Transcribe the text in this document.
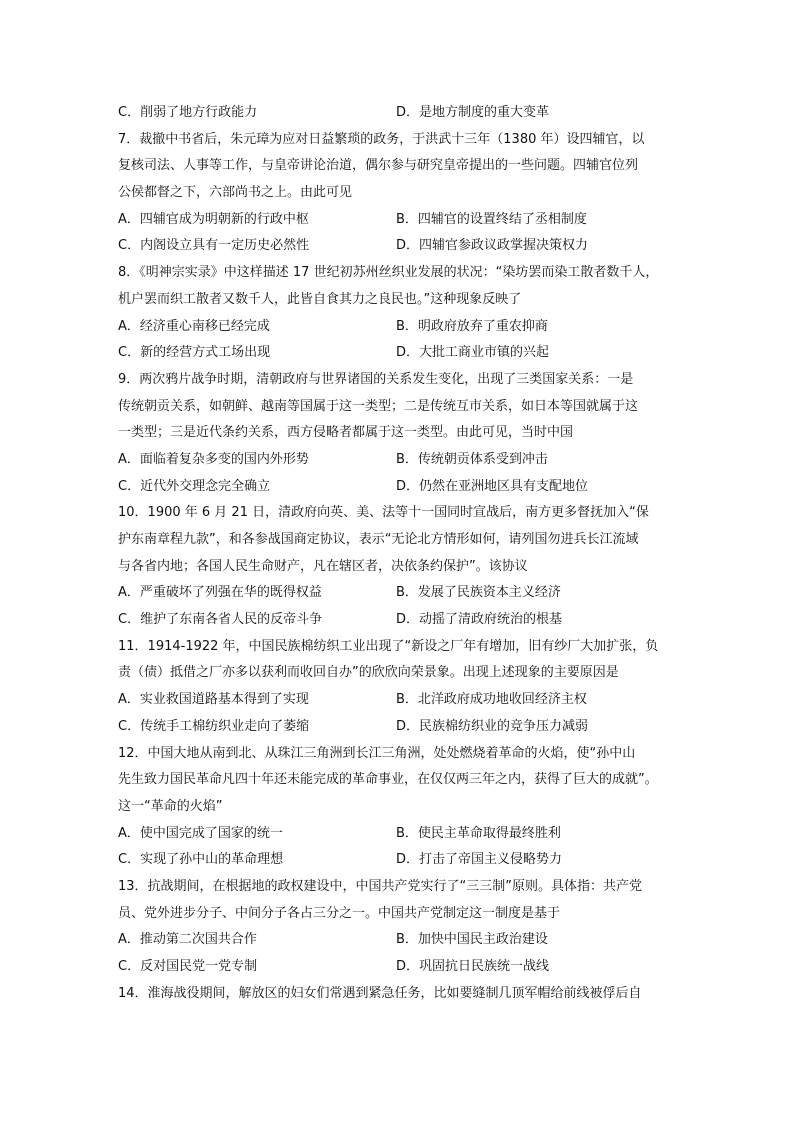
C．削弱了地方行政能力	D．是地方制度的重大变革
7．裁撤中书省后，朱元璋为应对日益繁琐的政务，于洪武十三年（1380 年）设四辅官，以
复核司法、人事等工作，与皇帝讲论治道，偶尔参与研究皇帝提出的一些问题。四辅官位列
公侯都督之下，六部尚书之上。由此可见
A．四辅官成为明朝新的行政中枢	B．四辅官的设置终结了丞相制度
C．内阁设立具有一定历史必然性	D．四辅官参政议政掌握决策权力
8．《明神宗实录》中这样描述 17 世纪初苏州丝织业发展的状况：“染坊罢而染工散者数千人，
机户罢而织工散者又数千人，此皆自食其力之良民也。”这种现象反映了
A．经济重心南移已经完成	B．明政府放弃了重农抑商
C．新的经营方式工场出现	D．大批工商业市镇的兴起
9．两次鸦片战争时期，清朝政府与世界诸国的关系发生变化，出现了三类国家关系：一是
传统朝贡关系，如朝鲜、越南等国属于这一类型；二是传统互市关系，如日本等国就属于这
一类型；三是近代条约关系，西方侵略者都属于这一类型。由此可见，当时中国
A．面临着复杂多变的国内外形势	B．传统朝贡体系受到冲击
C．近代外交理念完全确立	D．仍然在亚洲地区具有支配地位
10．1900 年 6 月 21 日，清政府向英、美、法等十一国同时宣战后，南方更多督抚加入“保
护东南章程九款”，和各参战国商定协议，表示“无论北方情形如何，请列国勿进兵长江流域
与各省内地；各国人民生命财产，凡在辖区者，决依条约保护”。该协议
A．严重破坏了列强在华的既得权益	B．发展了民族资本主义经济
C．维护了东南各省人民的反帝斗争	D．动摇了清政府统治的根基
11．1914-1922 年，中国民族棉纺织工业出现了“新设之厂年有增加，旧有纱厂大加扩张，负
责（债）抵借之厂亦多以获利而收回自办”的欣欣向荣景象。出现上述现象的主要原因是
A．实业救国道路基本得到了实现	B．北洋政府成功地收回经济主权
C．传统手工棉纺织业走向了萎缩	D．民族棉纺织业的竞争压力减弱
12．中国大地从南到北、从珠江三角洲到长江三角洲，处处燃烧着革命的火焰，使“孙中山
先生致力国民革命凡四十年还未能完成的革命事业，在仅仅两三年之内，获得了巨大的成就”。
这一“革命的火焰”
A．使中国完成了国家的统一	B．使民主革命取得最终胜利
C．实现了孙中山的革命理想	D．打击了帝国主义侵略势力
13．抗战期间，在根据地的政权建设中，中国共产党实行了“三三制”原则。具体指：共产党
员、党外进步分子、中间分子各占三分之一。中国共产党制定这一制度是基于
A．推动第二次国共合作	B．加快中国民主政治建设
C．反对国民党一党专制	D．巩固抗日民族统一战线
14．淮海战役期间，解放区的妇女们常遇到紧急任务，比如要缝制几顶军帽给前线被俘后自
